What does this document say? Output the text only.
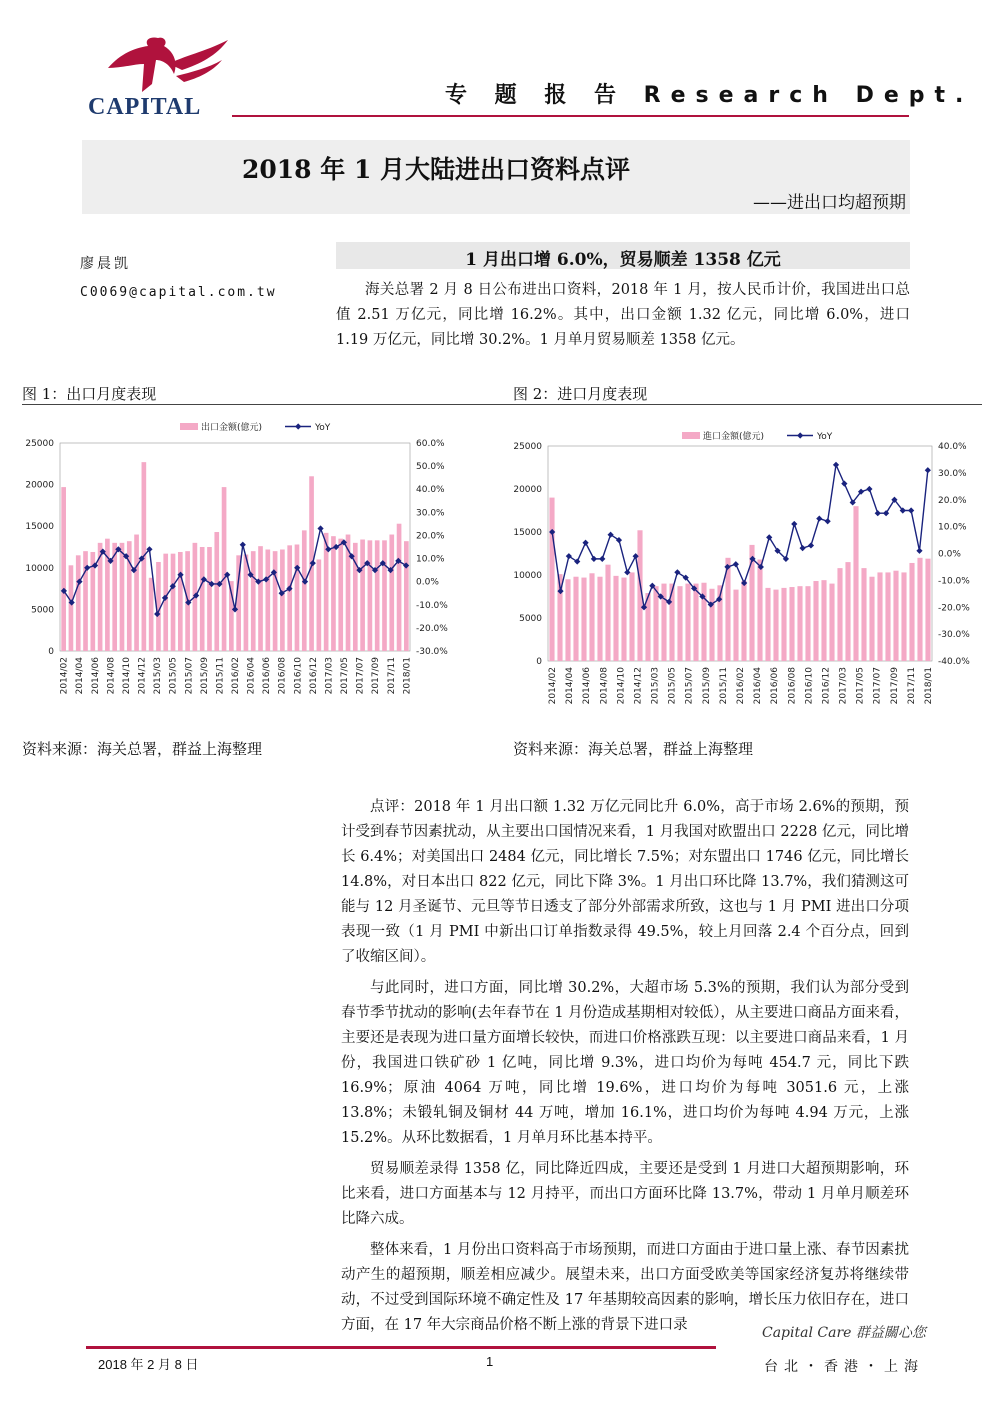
CAPITAL	专 题 报 告 Research Dept.
2018 年 1 月大陆进出口资料点评
——进出口均超预期
廖晨凯
C0069@capital.com.tw
1 月出口增 6.0%，贸易顺差 1358 亿元

海关总署 2 月 8 日公布进出口资料，2018 年 1 月，按人民币计价，我国进出口总值 2.51 万亿元，同比增 16.2%。其中，出口金额 1.32 亿元，同比增 6.0%，进口 1.19 万亿元，同比增 30.2%。1 月单月贸易顺差 1358 亿元。

图 1：出口月度表现	图 2：进口月度表现
0
5000
10000
15000
20000
25000
-30.0%
-20.0%
-10.0%
0.0%
10.0%
20.0%
30.0%
40.0%
50.0%
60.0%
2014/02 2014/04 2014/06 2014/08 2014/10 2014/12 2015/03 2015/05 2015/07 2015/09 2015/11 2016/02 2016/04 2016/06 2016/08 2016/10 2016/12 2017/03 2017/05 2017/07 2017/09 2017/11 2018/01
出口金额(億元)	YoY
0
5000
10000
15000
20000
25000
-40.0%
-30.0%
-20.0%
-10.0%
0.0%
10.0%
20.0%
30.0%
40.0%
2014/02 2014/04 2014/06 2014/08 2014/10 2014/12 2015/03 2015/05 2015/07 2015/09 2015/11 2016/02 2016/04 2016/06 2016/08 2016/10 2016/12 2017/03 2017/05 2017/07 2017/09 2017/11 2018/01
進口金額(億元)	YoY
资料来源：海关总署，群益上海整理	资料来源：海关总署，群益上海整理

点评：2018 年 1 月出口额 1.32 万亿元同比升 6.0%，高于市场 2.6%的预期，预计受到春节因素扰动，从主要出口国情况来看，1 月我国对欧盟出口 2228 亿元，同比增长 6.4%；对美国出口 2484 亿元，同比增长 7.5%；对东盟出口 1746 亿元，同比增长 14.8%，对日本出口 822 亿元，同比下降 3%。1 月出口环比降 13.7%，我们猜测这可能与 12 月圣诞节、元旦等节日透支了部分外部需求所致，这也与 1 月 PMI 进出口分项表现一致（1 月 PMI 中新出口订单指数录得 49.5%，较上月回落 2.4 个百分点，回到了收缩区间）。

与此同时，进口方面，同比增 30.2%，大超市场 5.3%的预期，我们认为部分受到春节季节扰动的影响(去年春节在 1 月份造成基期相对较低），从主要进口商品方面来看，主要还是表现为进口量方面增长较快，而进口价格涨跌互现：以主要进口商品来看，1 月份，我国进口铁矿砂 1 亿吨，同比增 9.3%，进口均价为每吨 454.7 元，同比下跌 16.9%；原油 4064 万吨，同比增 19.6%，进口均价为每吨 3051.6 元，上涨 13.8%；未锻轧铜及铜材 44 万吨，增加 16.1%，进口均价为每吨 4.94 万元，上涨 15.2%。从环比数据看，1 月单月环比基本持平。

贸易顺差录得 1358 亿，同比降近四成，主要还是受到 1 月进口大超预期影响，环比来看，进口方面基本与 12 月持平，而出口方面环比降 13.7%，带动 1 月单月顺差环比降六成。

整体来看，1 月份出口资料高于市场预期，而进口方面由于进口量上涨、春节因素扰动产生的超预期，顺差相应减少。展望未来，出口方面受欧美等国家经济复苏将继续带动，不过受到国际环境不确定性及 17 年基期较高因素的影响，增长压力依旧存在，进口方面，在 17 年大宗商品价格不断上涨的背景下进口录

2018 年 2 月 8 日	1
Capital Care 群益關心您
台北・香港・上海
